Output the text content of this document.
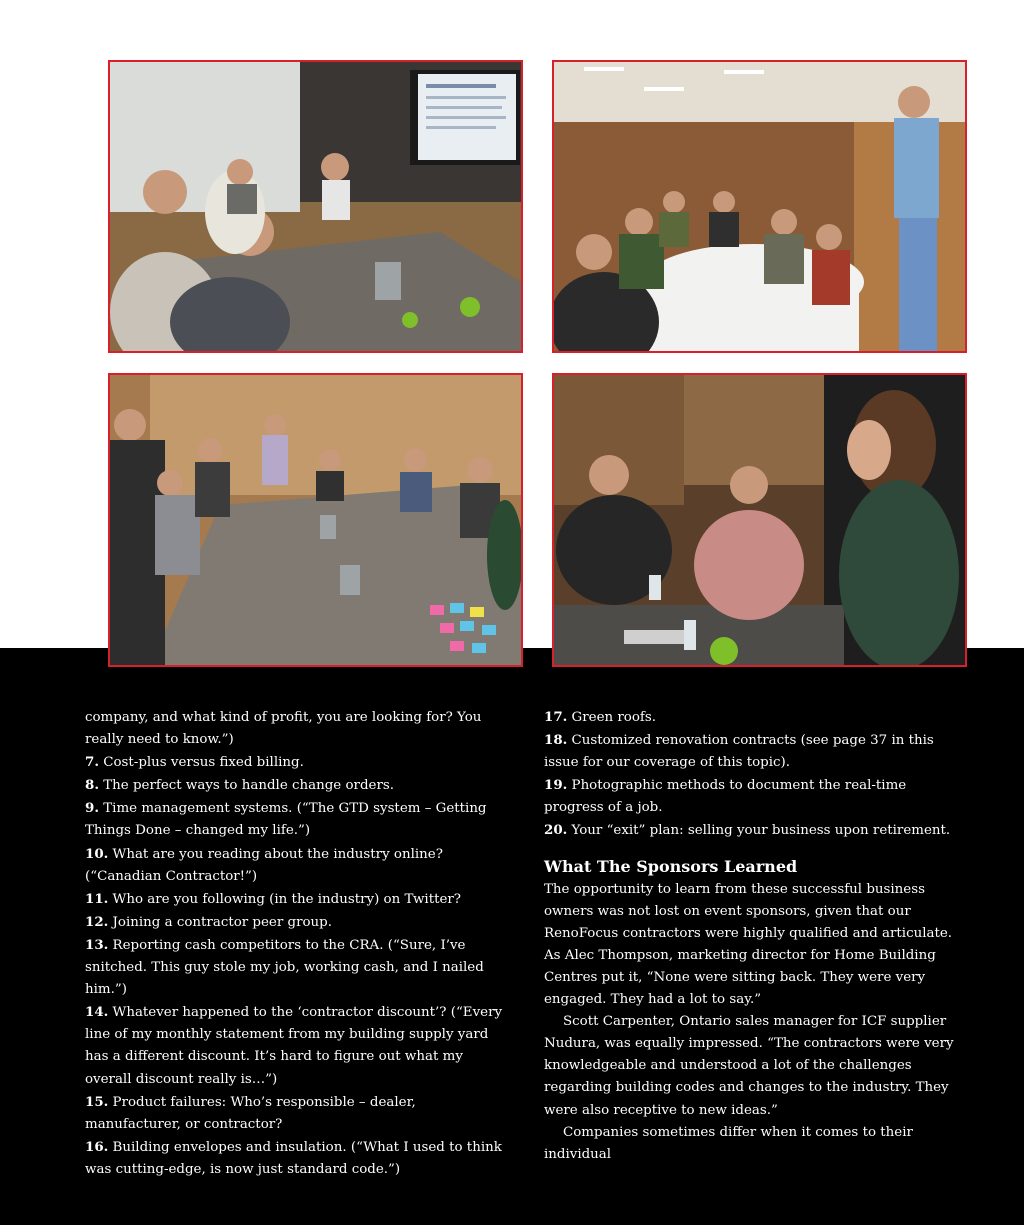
company, and what kind of profit, you are looking for? You really need to know.”)

7. Cost-plus versus fixed billing.

8. The perfect ways to handle change orders.

9. Time management systems. (“The GTD system – Getting Things Done – changed my life.”)

10. What are you reading about the industry online? (“Canadian Contractor!”)

11. Who are you following (in the industry) on Twitter?

12. Joining a contractor peer group.

13. Reporting cash competitors to the CRA. (“Sure, I’ve snitched. This guy stole my job, working cash, and I nailed him.”)

14. Whatever happened to the ‘contractor discount’? (“Every line of my monthly statement from my building supply yard has a different discount. It’s hard to figure out what my overall discount really is…”)

15. Product failures: Who’s responsible – dealer, manufacturer, or contractor?

16. Building envelopes and insulation. (“What I used to think was cutting-edge, is now just standard code.”)

17. Green roofs.

18. Customized renovation contracts (see page 37 in this issue for our coverage of this topic).

19. Photographic methods to document the real-time progress of a job.

20. Your “exit” plan: selling your business upon retirement.

What The Sponsors Learned

The opportunity to learn from these successful business owners was not lost on event sponsors, given that our RenoFocus contractors were highly qualified and articulate. As Alec Thompson, marketing director for Home Building Centres put it, “None were sitting back. They were very engaged. They had a lot to say.”

Scott Carpenter, Ontario sales manager for ICF supplier Nudura, was equally impressed. “The contractors were very knowledgeable and understood a lot of the challenges regarding building codes and changes to the industry. They were also receptive to new ideas.”

Companies sometimes differ when it comes to their individual
